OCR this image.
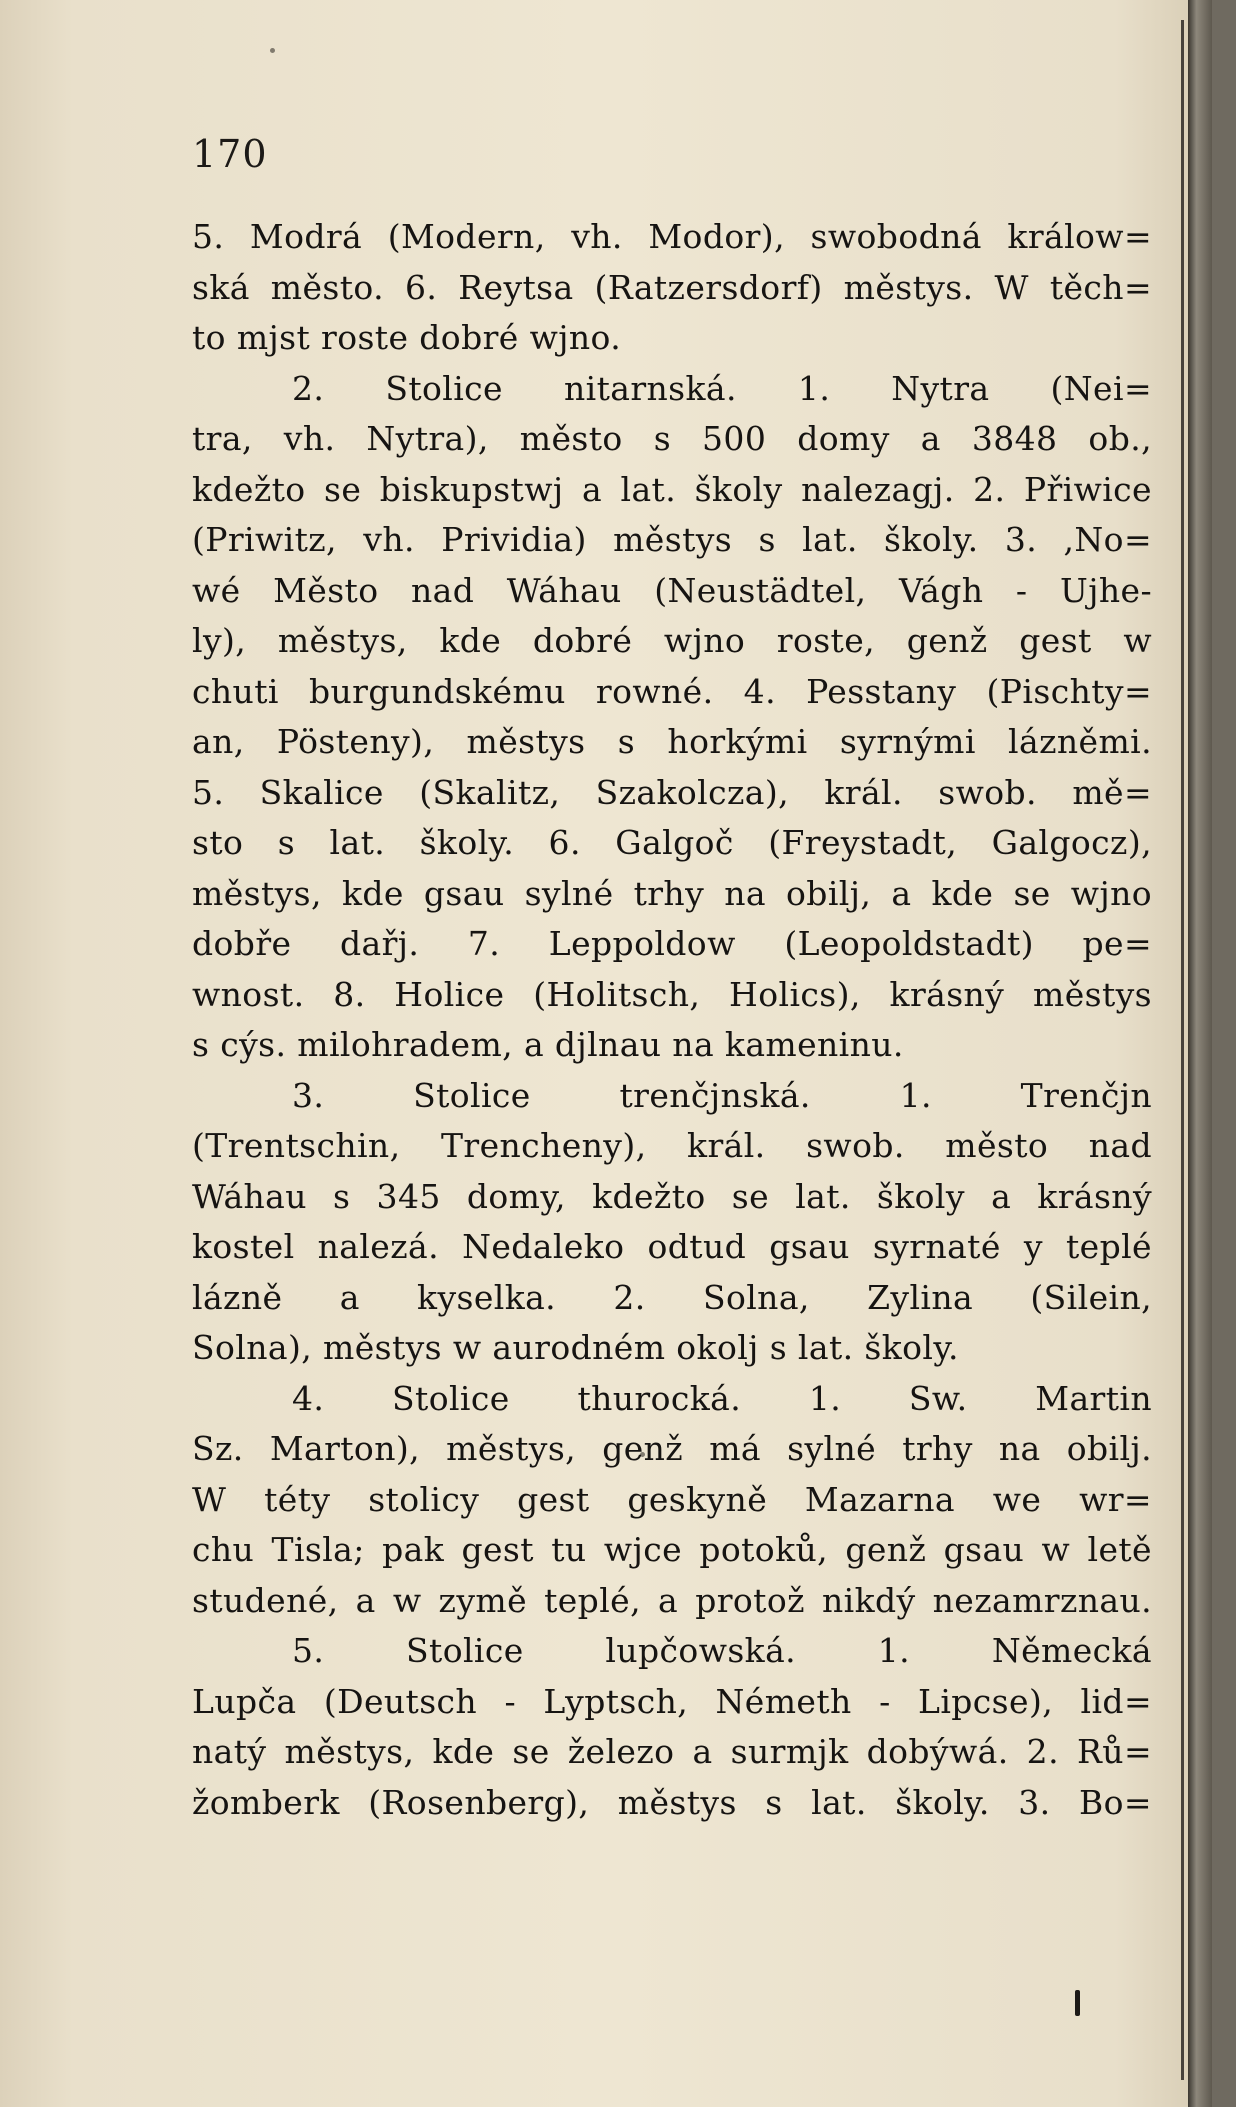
170
5. Modrá (Modern, vh. Modor), swobodná králow=
ská město. 6. Reytsa (Ratzersdorf) městys. W těch=
to mjst roste dobré wjno.
2. Stolice nitarnská. 1. Nytra (Nei=
tra, vh. Nytra), město s 500 domy a 3848 ob.,
kdežto se biskupstwj a lat. školy nalezagj. 2. Přiwice
(Priwitz, vh. Prividia) městys s lat. školy. 3. ,No=
wé Město nad Wáhau (Neustädtel, Vágh - Ujhe-
ly), městys, kde dobré wjno roste, genž gest w
chuti burgundskému rowné. 4. Pesstany (Pischty=
an, Pösteny), městys s horkými syrnými lázněmi.
5. Skalice (Skalitz, Szakolcza), král. swob. mě=
sto s lat. školy. 6. Galgoč (Freystadt, Galgocz),
městys, kde gsau sylné trhy na obilj, a kde se wjno
dobře dařj. 7. Leppoldow (Leopoldstadt) pe=
wnost. 8. Holice (Holitsch, Holics), krásný městys
s cýs. milohradem, a djlnau na kameninu.
3. Stolice trenčjnská. 1. Trenčjn
(Trentschin, Trencheny), král. swob. město nad
Wáhau s 345 domy, kdežto se lat. školy a krásný
kostel nalezá. Nedaleko odtud gsau syrnaté y teplé
lázně a kyselka. 2. Solna, Zylina (Silein,
Solna), městys w aurodném okolj s lat. školy.
4. Stolice thurocká. 1. Sw. Martin
Sz. Marton), městys, genž má sylné trhy na obilj.
W téty stolicy gest geskyně Mazarna we wr=
chu Tisla; pak gest tu wjce potoků, genž gsau w letě
studené, a w zymě teplé, a protož nikdý nezamrznau.
5. Stolice lupčowská. 1. Německá
Lupča (Deutsch - Lyptsch, Németh - Lipcse), lid=
natý městys, kde se železo a surmjk dobýwá. 2. Rů=
žomberk (Rosenberg), městys s lat. školy. 3. Bo=
